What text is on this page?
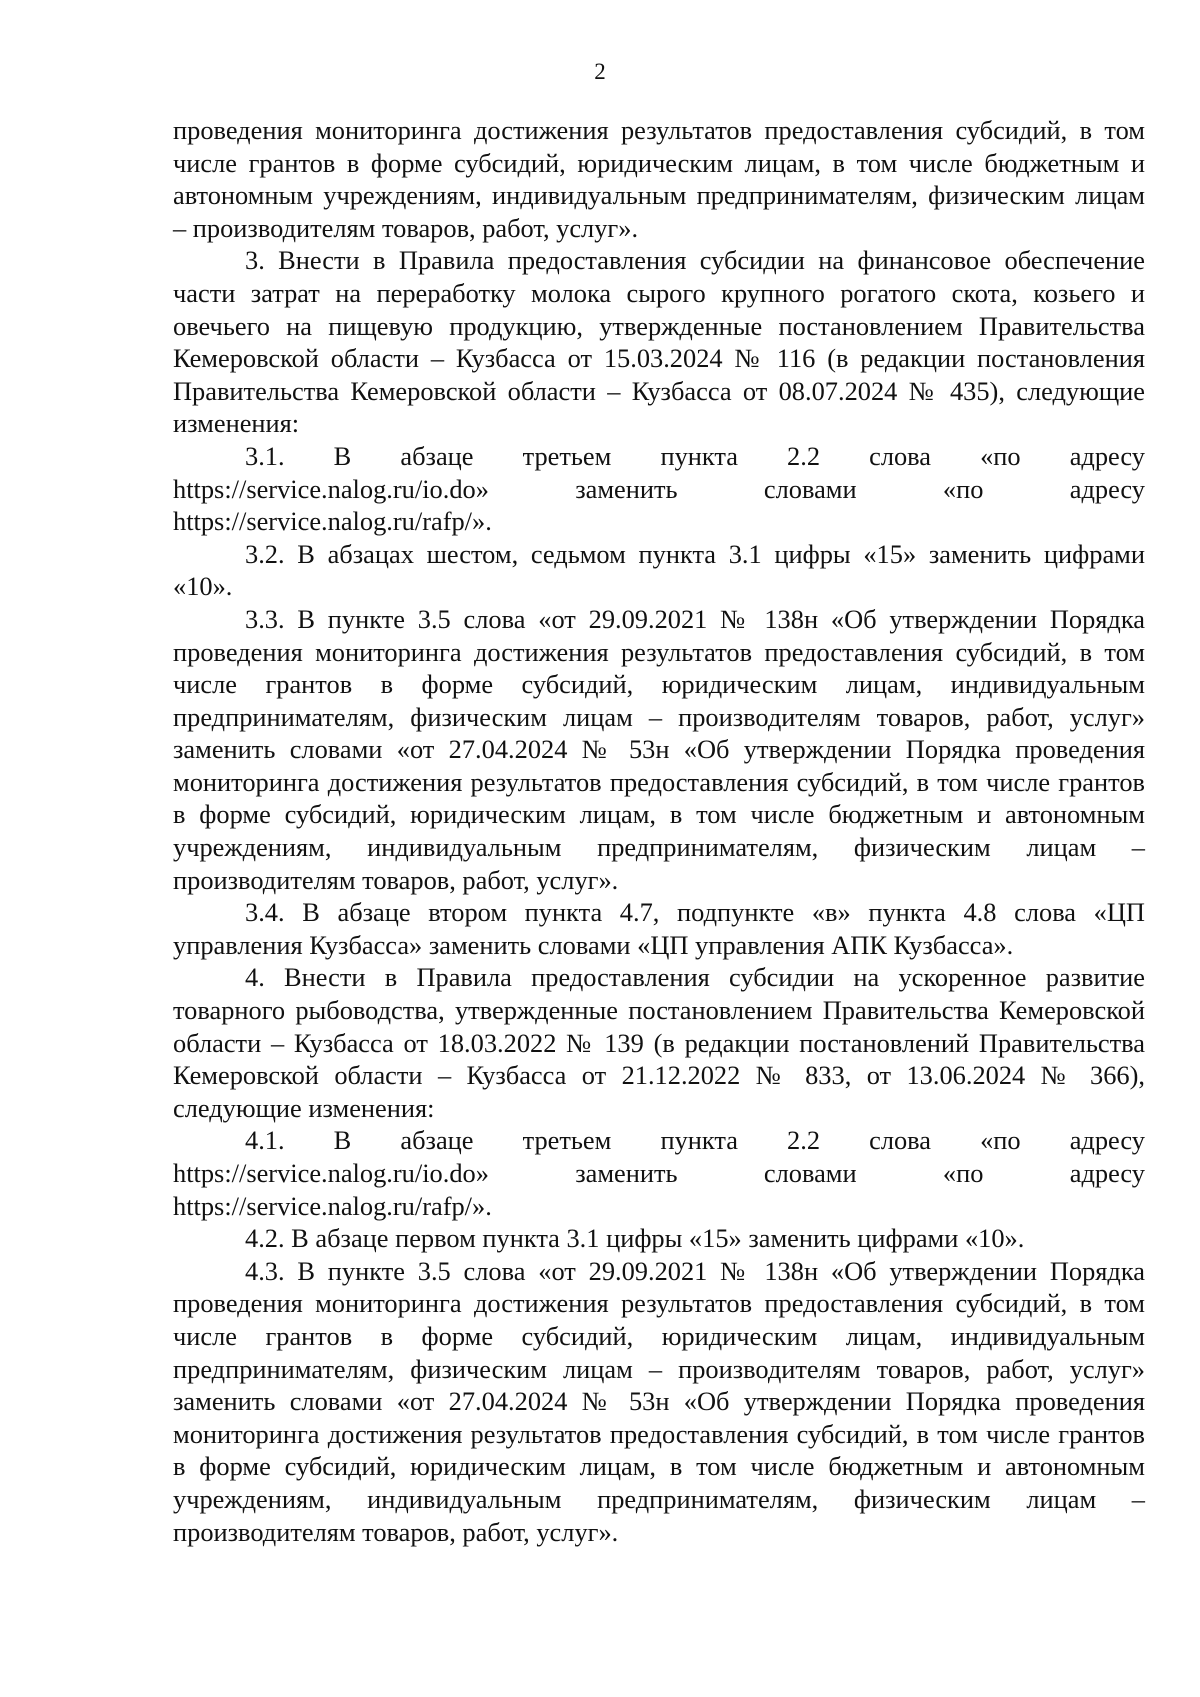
2

проведения мониторинга достижения результатов предоставления субсидий, в том числе грантов в форме субсидий, юридическим лицам, в том числе бюджетным и автономным учреждениям, индивидуальным предпринимателям, физическим лицам – производителям товаров, работ, услуг».

3. Внести в Правила предоставления субсидии на финансовое обеспечение части затрат на переработку молока сырого крупного рогатого скота, козьего и овечьего на пищевую продукцию, утвержденные постановлением Правительства Кемеровской области – Кузбасса от 15.03.2024 № 116 (в редакции постановления Правительства Кемеровской области – Кузбасса от 08.07.2024 № 435), следующие изменения:

3.1. В абзаце третьем пункта 2.2 слова «по адресу

https://service.nalog.ru/io.do» заменить словами «по адресу

https://service.nalog.ru/rafp/».

3.2. В абзацах шестом, седьмом пункта 3.1 цифры «15» заменить цифрами «10».

3.3. В пункте 3.5 слова «от 29.09.2021 № 138н «Об утверждении Порядка проведения мониторинга достижения результатов предоставления субсидий, в том числе грантов в форме субсидий, юридическим лицам, индивидуальным предпринимателям, физическим лицам – производителям товаров, работ, услуг» заменить словами «от 27.04.2024 № 53н «Об утверждении Порядка проведения мониторинга достижения результатов предоставления субсидий, в том числе грантов в форме субсидий, юридическим лицам, в том числе бюджетным и автономным учреждениям, индивидуальным предпринимателям, физическим лицам – производителям товаров, работ, услуг».

3.4. В абзаце втором пункта 4.7, подпункте «в» пункта 4.8 слова «ЦП управления Кузбасса» заменить словами «ЦП управления АПК Кузбасса».

4. Внести в Правила предоставления субсидии на ускоренное развитие товарного рыбоводства, утвержденные постановлением Правительства Кемеровской области – Кузбасса от 18.03.2022 № 139 (в редакции постановлений Правительства Кемеровской области – Кузбасса от 21.12.2022 № 833, от 13.06.2024 № 366), следующие изменения:

4.1. В абзаце третьем пункта 2.2 слова «по адресу

https://service.nalog.ru/io.do» заменить словами «по адресу

https://service.nalog.ru/rafp/».

4.2. В абзаце первом пункта 3.1 цифры «15» заменить цифрами «10».

4.3. В пункте 3.5 слова «от 29.09.2021 № 138н «Об утверждении Порядка проведения мониторинга достижения результатов предоставления субсидий, в том числе грантов в форме субсидий, юридическим лицам, индивидуальным предпринимателям, физическим лицам – производителям товаров, работ, услуг» заменить словами «от 27.04.2024 № 53н «Об утверждении Порядка проведения мониторинга достижения результатов предоставления субсидий, в том числе грантов в форме субсидий, юридическим лицам, в том числе бюджетным и автономным учреждениям, индивидуальным предпринимателям, физическим лицам – производителям товаров, работ, услуг».
